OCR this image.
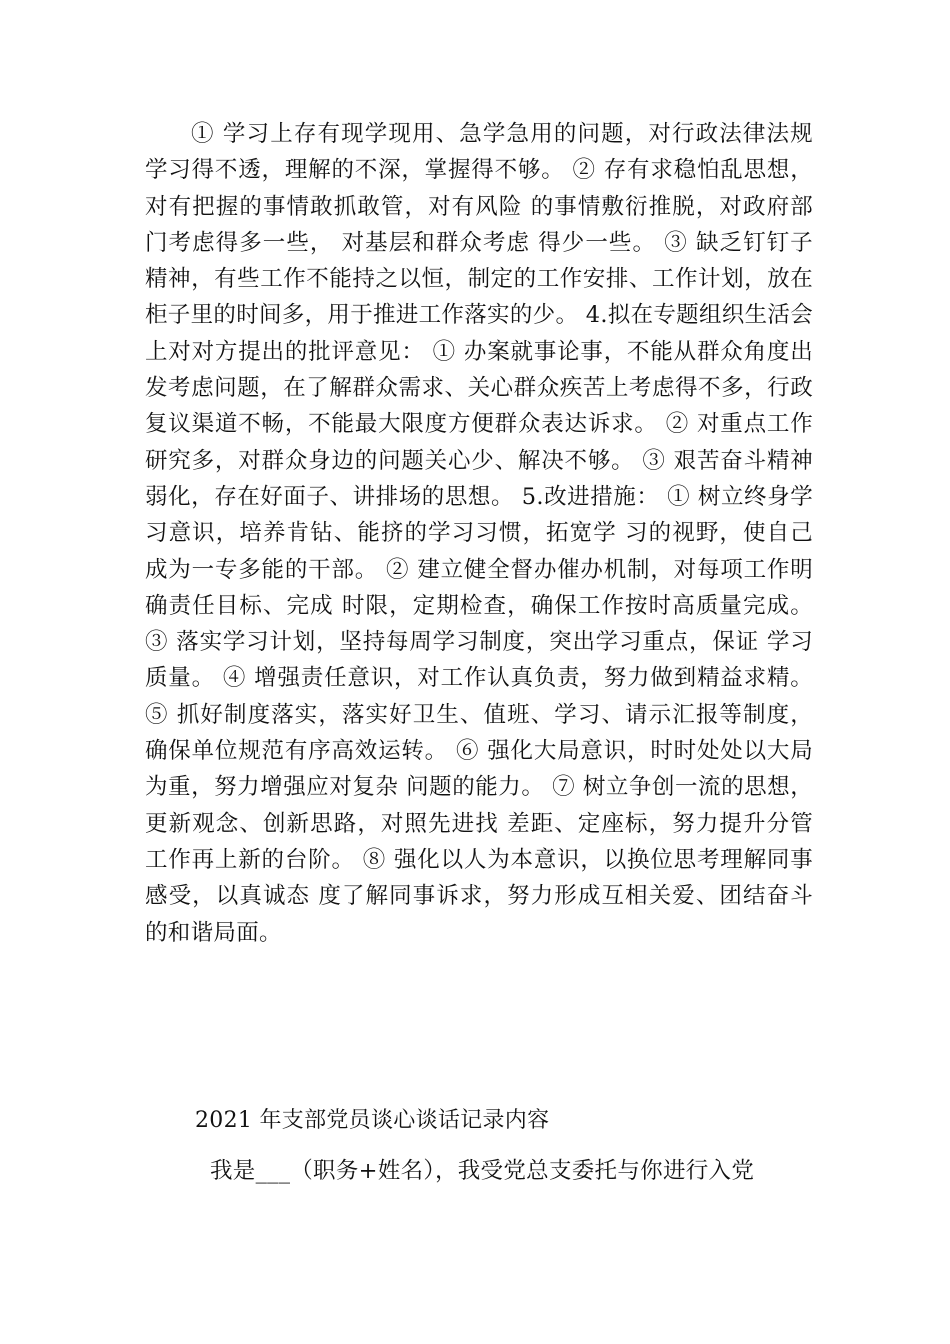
① 学习上存有现学现用、急学急用的问题，对行政法律法规 学习得不透，理解的不深，掌握得不够。 ② 存有求稳怕乱思想，对有把握的事情敢抓敢管，对有风险 的事情敷衍推脱，对政府部门考虑得多一些， 对基层和群众考虑 得少一些。 ③ 缺乏钉钉子精神，有些工作不能持之以恒，制定的工作安排、工作计划，放在柜子里的时间多，用于推进工作落实的少。 4.拟在专题组织生活会上对对方提出的批评意见： ① 办案就事论事，不能从群众角度出发考虑问题，在了解群众需求、关心群众疾苦上考虑得不多，行政复议渠道不畅，不能最大限度方便群众表达诉求。 ② 对重点工作研究多，对群众身边的问题关心少、解决不够。 ③ 艰苦奋斗精神弱化，存在好面子、讲排场的思想。 5.改进措施： ① 树立终身学习意识，培养肯钻、能挤的学习习惯，拓宽学 习的视野，使自己成为一专多能的干部。 ② 建立健全督办催办机制，对每项工作明确责任目标、完成 时限，定期检查，确保工作按时高质量完成。 ③ 落实学习计划，坚持每周学习制度，突出学习重点，保证 学习质量。 ④ 增强责任意识，对工作认真负责，努力做到精益求精。 ⑤ 抓好制度落实，落实好卫生、值班、学习、请示汇报等制度，确保单位规范有序高效运转。 ⑥ 强化大局意识，时时处处以大局为重，努力增强应对复杂 问题的能力。 ⑦ 树立争创一流的思想，更新观念、创新思路，对照先进找 差距、定座标，努力提升分管工作再上新的台阶。 ⑧ 强化以人为本意识，以换位思考理解同事感受，以真诚态 度了解同事诉求，努力形成互相关爱、团结奋斗的和谐局面。

2021 年支部党员谈心谈话记录内容

我是___（职务+姓名），我受党总支委托与你进行入党
